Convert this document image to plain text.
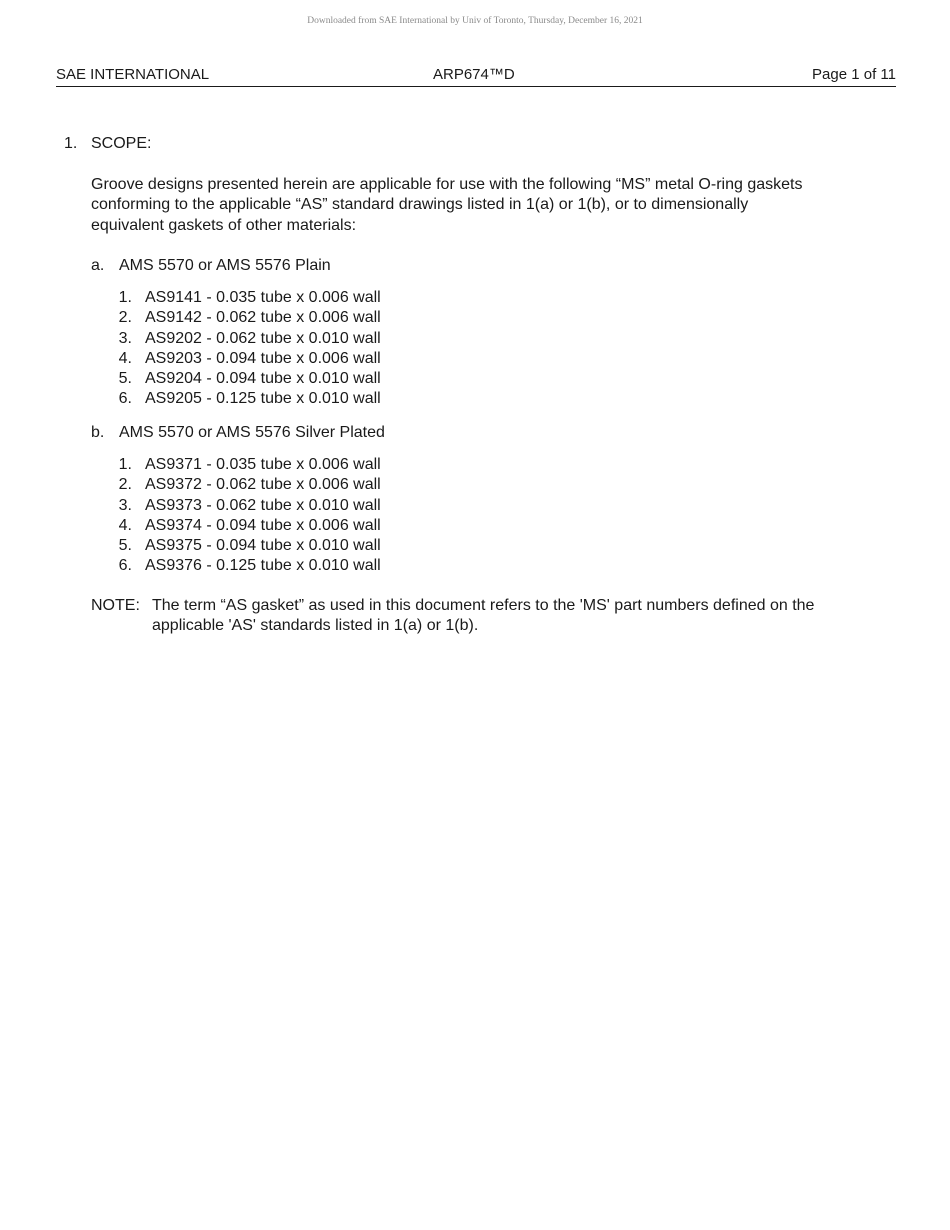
Downloaded from SAE International by Univ of Toronto, Thursday, December 16, 2021
SAE INTERNATIONAL	ARP674™D	Page 1 of 11
1. SCOPE:
Groove designs presented herein are applicable for use with the following “MS” metal O-ring gaskets
conforming to the applicable “AS” standard drawings listed in 1(a) or 1(b), or to dimensionally
equivalent gaskets of other materials:
a. AMS 5570 or AMS 5576 Plain
1. AS9141 - 0.035 tube x 0.006 wall
2. AS9142 - 0.062 tube x 0.006 wall
3. AS9202 - 0.062 tube x 0.010 wall
4. AS9203 - 0.094 tube x 0.006 wall
5. AS9204 - 0.094 tube x 0.010 wall
6. AS9205 - 0.125 tube x 0.010 wall
b. AMS 5570 or AMS 5576 Silver Plated
1. AS9371 - 0.035 tube x 0.006 wall
2. AS9372 - 0.062 tube x 0.006 wall
3. AS9373 - 0.062 tube x 0.010 wall
4. AS9374 - 0.094 tube x 0.006 wall
5. AS9375 - 0.094 tube x 0.010 wall
6. AS9376 - 0.125 tube x 0.010 wall
NOTE: The term “AS gasket” as used in this document refers to the 'MS' part numbers defined on the
applicable 'AS' standards listed in 1(a) or 1(b).
